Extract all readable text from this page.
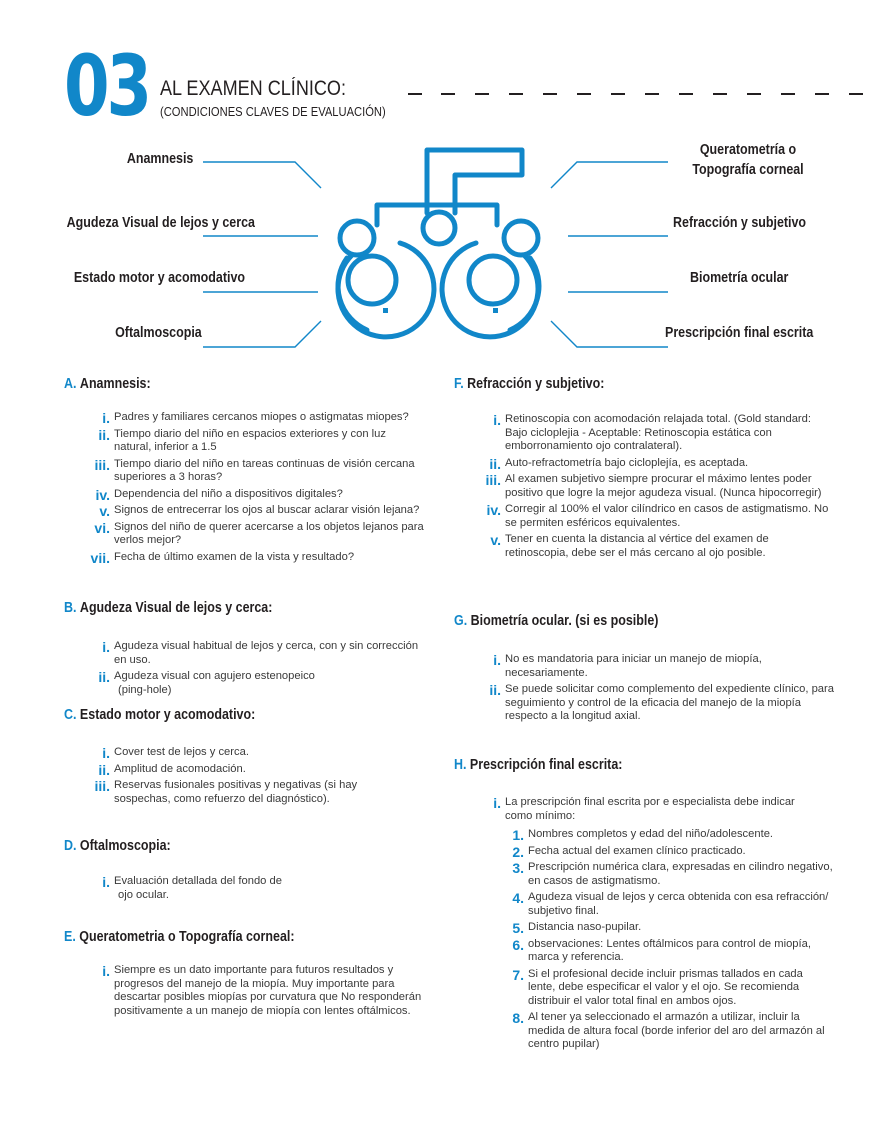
03 AL EXAMEN CLÍNICO:
(CONDICIONES CLAVES DE EVALUACIÓN)
Anamnesis
Agudeza Visual de lejos y cerca
Estado motor y acomodativo
Oftalmoscopia
Queratometría o
Topografía corneal
Refracción y subjetivo
Biometría ocular
Prescripción final escrita
A. Anamnesis:
i. Padres y familiares cercanos miopes o astigmatas miopes?
ii. Tiempo diario del niño en espacios exteriores y con luz natural, inferior a 1.5
iii. Tiempo diario del niño en tareas continuas de visión cercana superiores a 3 horas?
iv. Dependencia del niño a dispositivos digitales?
v. Signos de entrecerrar los ojos al buscar aclarar visión lejana?
vi. Signos del niño de querer acercarse a los objetos lejanos para verlos mejor?
vii. Fecha de último examen de la vista y resultado?
B. Agudeza Visual de lejos y cerca:
i. Agudeza visual habitual de lejos y cerca, con y sin corrección en uso.
ii. Agudeza visual con agujero estenopeico
(ping-hole)
C. Estado motor y acomodativo:
i. Cover test de lejos y cerca.
ii. Amplitud de acomodación.
iii. Reservas fusionales positivas y negativas (si hay sospechas, como refuerzo del diagnóstico).
D. Oftalmoscopia:
i. Evaluación detallada del fondo de
ojo ocular.
E. Queratometria o Topografía corneal:
i. Siempre es un dato importante para futuros resultados y progresos del manejo de la miopía. Muy importante para descartar posibles miopías por curvatura que No responderán positivamente a un manejo de miopía con lentes oftálmicos.
F. Refracción y subjetivo:
i. Retinoscopia con acomodación relajada total. (Gold standard: Bajo cicloplejia - Aceptable: Retinoscopia estática con emborronamiento ojo contralateral).
ii. Auto-refractometría bajo cicloplejía, es aceptada.
iii. Al examen subjetivo siempre procurar el máximo lentes poder positivo que logre la mejor agudeza visual. (Nunca hipocorregir)
iv. Corregir al 100% el valor cilíndrico en casos de astigmatismo. No se permiten esféricos equivalentes.
v. Tener en cuenta la distancia al vértice del examen de retinoscopia, debe ser el más cercano al ojo posible.
G. Biometría ocular. (si es posible)
i. No es mandatoria para iniciar un manejo de miopía, necesariamente.
ii. Se puede solicitar como complemento del expediente clínico, para seguimiento y control de la eficacia del manejo de la miopía respecto a la longitud axial.
H. Prescripción final escrita:
i. La prescripción final escrita por e especialista debe indicar como mínimo:
1. Nombres completos y edad del niño/adolescente.
2. Fecha actual del examen clínico practicado.
3. Prescripción numérica clara, expresadas en cilindro negativo, en casos de astigmatismo.
4. Agudeza visual de lejos y cerca obtenida con esa refracción/ subjetivo final.
5. Distancia naso-pupilar.
6. observaciones: Lentes oftálmicos para control de miopía, marca y referencia.
7. Si el profesional decide incluir prismas tallados en cada lente, debe especificar el valor y el ojo. Se recomienda distribuir el valor total final en ambos ojos.
8. Al tener ya seleccionado el armazón a utilizar, incluir la medida de altura focal (borde inferior del aro del armazón al centro pupilar)
